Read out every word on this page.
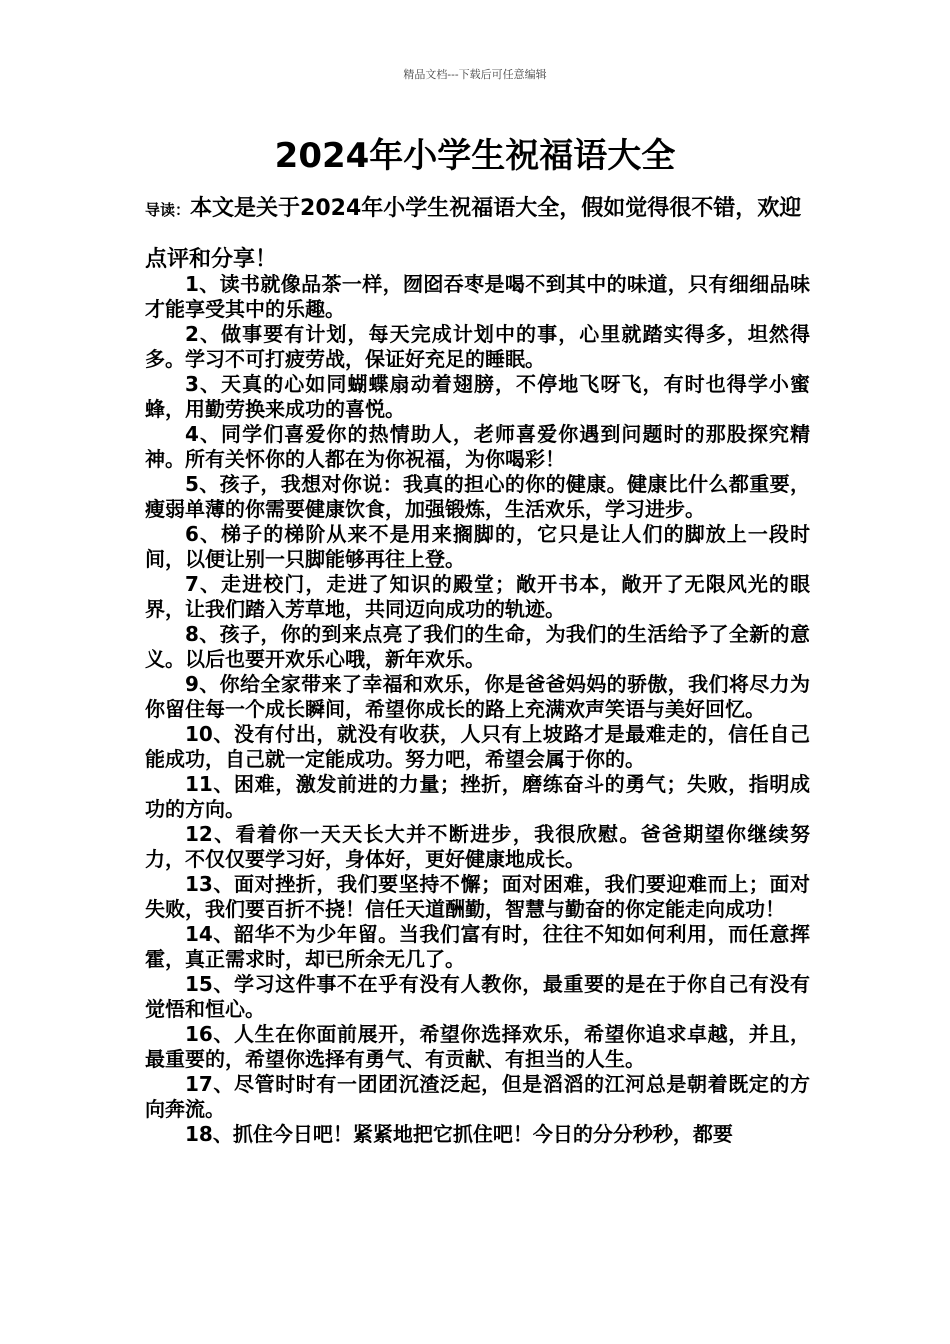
精品文档---下载后可任意编辑
2024年小学生祝福语大全
导读：本文是关于2024年小学生祝福语大全，假如觉得很不错，欢迎点评和分享！

1、读书就像品茶一样，囫囵吞枣是喝不到其中的味道，只有细细品味才能享受其中的乐趣。

2、做事要有计划，每天完成计划中的事，心里就踏实得多，坦然得多。学习不可打疲劳战，保证好充足的睡眠。

3、天真的心如同蝴蝶扇动着翅膀，不停地飞呀飞，有时也得学小蜜蜂，用勤劳换来成功的喜悦。

4、同学们喜爱你的热情助人，老师喜爱你遇到问题时的那股探究精神。所有关怀你的人都在为你祝福，为你喝彩！

5、孩子，我想对你说：我真的担心的你的健康。健康比什么都重要，瘦弱单薄的你需要健康饮食，加强锻炼，生活欢乐，学习进步。

6、梯子的梯阶从来不是用来搁脚的，它只是让人们的脚放上一段时间，以便让别一只脚能够再往上登。

7、走进校门，走进了知识的殿堂；敞开书本，敞开了无限风光的眼界，让我们踏入芳草地，共同迈向成功的轨迹。

8、孩子，你的到来点亮了我们的生命，为我们的生活给予了全新的意义。以后也要开欢乐心哦，新年欢乐。

9、你给全家带来了幸福和欢乐，你是爸爸妈妈的骄傲，我们将尽力为你留住每一个成长瞬间，希望你成长的路上充满欢声笑语与美好回忆。

10、没有付出，就没有收获，人只有上坡路才是最难走的，信任自己能成功，自己就一定能成功。努力吧，希望会属于你的。

11、困难，激发前进的力量；挫折，磨练奋斗的勇气；失败，指明成功的方向。

12、看着你一天天长大并不断进步，我很欣慰。爸爸期望你继续努力，不仅仅要学习好，身体好，更好健康地成长。

13、面对挫折，我们要坚持不懈；面对困难，我们要迎难而上；面对失败，我们要百折不挠！信任天道酬勤，智慧与勤奋的你定能走向成功！

14、韶华不为少年留。当我们富有时，往往不知如何利用，而任意挥霍，真正需求时，却已所余无几了。

15、学习这件事不在乎有没有人教你，最重要的是在于你自己有没有觉悟和恒心。

16、人生在你面前展开，希望你选择欢乐，希望你追求卓越，并且，最重要的，希望你选择有勇气、有贡献、有担当的人生。

17、尽管时时有一团团沉渣泛起，但是滔滔的江河总是朝着既定的方向奔流。

18、抓住今日吧！紧紧地把它抓住吧！今日的分分秒秒，都要
